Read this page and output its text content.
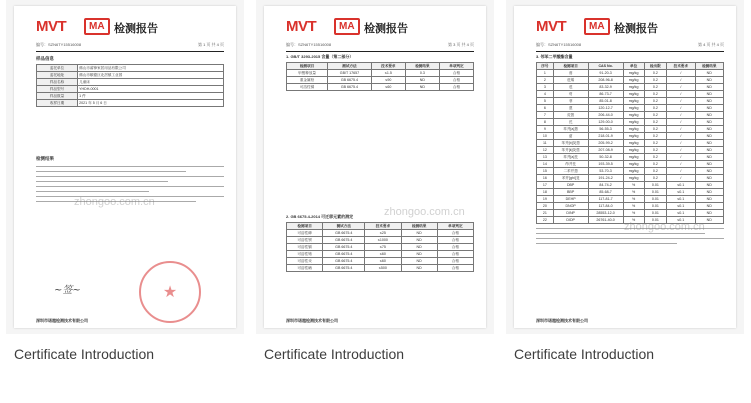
MVT	MA 检测报告
编号：SZN6TY15516008	第 1 页 共 4 页
样品信息
委托单位	佛山市睿锋家居用品有限公司
委托地址	佛山市顺德区北滘镇工业园
样品名称	儿童床
样品型号	YHDH-0001
样品数量	1 件
收样日期	2021 年 5 月 6 日
检测结果
zhongoo.com.cn
~签~	★
深圳市诺越检测技术有限公司
Certificate Introduction
MVT	MA 检测报告
编号：SZN6TY15516008	第 3 页 共 4 页
1. GB/T 3293-2015 含量（第二部分）
检测项目	测试方法	技术要求	检测结果	单项判定
甲醛释放量	GB/T 17657	≤1.5	0.3	合格
重金属铅	GB 6675.4	≤90	ND	合格
可溶性锑	GB 6675.4	≤60	ND	合格
zhongoo.com.cn
2. GB 6675.4-2014 可迁移元素的测定
检测项目	测试方法	技术要求	检测结果	单项判定
可溶性砷	GB 6675.4	≤25	ND	合格
可溶性钡	GB 6675.4	≤1000	ND	合格
可溶性镉	GB 6675.4	≤75	ND	合格
可溶性铬	GB 6675.4	≤60	ND	合格
可溶性汞	GB 6675.4	≤60	ND	合格
可溶性硒	GB 6675.4	≤500	ND	合格
深圳市诺越检测技术有限公司
Certificate Introduction
MVT	MA 检测报告
编号：SZN6TY15516008	第 4 页 共 4 页
3. 邻苯二甲酸酯含量
序号	检测项目	CAS No.	单位	检出限	技术要求	检测结果
1	萘	91-20-3	mg/kg	0.2	/	ND
2	苊烯	208-96-8	mg/kg	0.2	/	ND
3	苊	83-32-9	mg/kg	0.2	/	ND
4	芴	86-73-7	mg/kg	0.2	/	ND
5	菲	85-01-8	mg/kg	0.2	/	ND
6	蒽	120-12-7	mg/kg	0.2	/	ND
7	荧蒽	206-44-0	mg/kg	0.2	/	ND
8	芘	129-00-0	mg/kg	0.2	/	ND
9	苯并[a]蒽	56-55-3	mg/kg	0.2	/	ND
10	䓛	218-01-9	mg/kg	0.2	/	ND
11	苯并[b]荧蒽	205-99-2	mg/kg	0.2	/	ND
12	苯并[k]荧蒽	207-08-9	mg/kg	0.2	/	ND
13	苯并[a]芘	50-32-8	mg/kg	0.2	/	ND
14	茚并芘	193-39-5	mg/kg	0.2	/	ND
15	二苯并蒽	53-70-3	mg/kg	0.2	/	ND
16	苯并[ghi]苝	191-24-2	mg/kg	0.2	/	ND
17	DBP	84-74-2	%	0.01	≤0.1	ND
18	BBP	85-68-7	%	0.01	≤0.1	ND
19	DEHP	117-81-7	%	0.01	≤0.1	ND
20	DNOP	117-84-0	%	0.01	≤0.1	ND
21	DINP	28553-12-0	%	0.01	≤0.1	ND
22	DIDP	26761-40-0	%	0.01	≤0.1	ND
zhongoo.com.cn
深圳市诺越检测技术有限公司
Certificate Introduction
